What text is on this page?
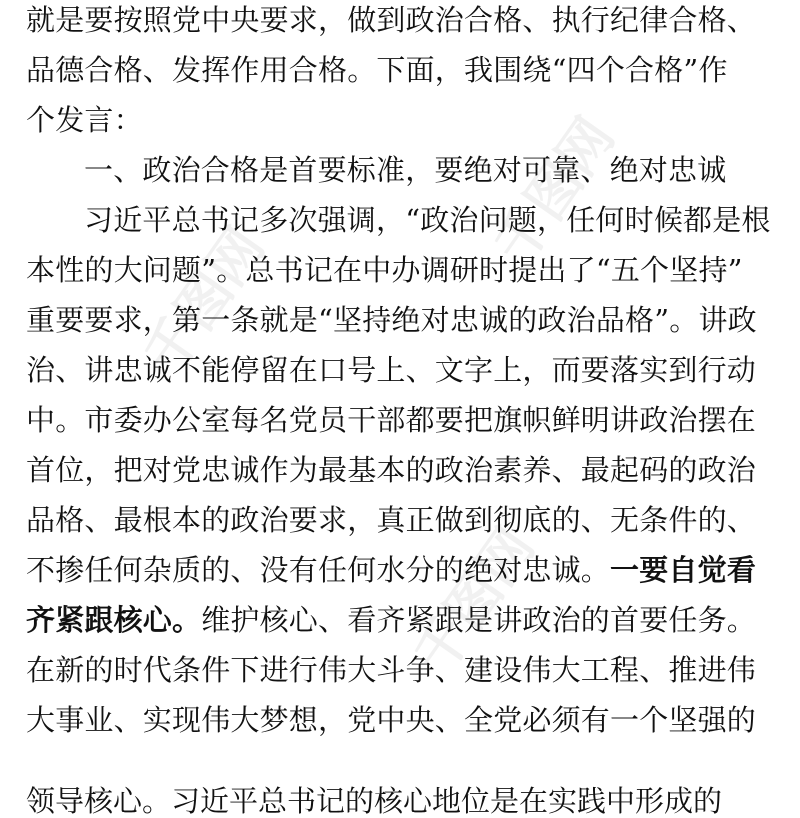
千图网
千图网
千图网
就是要按照党中央要求，做到政治合格、执行纪律合格、
品德合格、发挥作用合格。下面，我围绕“四个合格”作
个发言：
一、政治合格是首要标准，要绝对可靠、绝对忠诚
习近平总书记多次强调，“政治问题，任何时候都是根
本性的大问题”。总书记在中办调研时提出了“五个坚持”
重要要求，第一条就是“坚持绝对忠诚的政治品格”。讲政
治、讲忠诚不能停留在口号上、文字上，而要落实到行动
中。市委办公室每名党员干部都要把旗帜鲜明讲政治摆在
首位，把对党忠诚作为最基本的政治素养、最起码的政治
品格、最根本的政治要求，真正做到彻底的、无条件的、
不掺任何杂质的、没有任何水分的绝对忠诚。一要自觉看
齐紧跟核心。维护核心、看齐紧跟是讲政治的首要任务。
在新的时代条件下进行伟大斗争、建设伟大工程、推进伟
大事业、实现伟大梦想，党中央、全党必须有一个坚强的
领导核心。习近平总书记的核心地位是在实践中形成的
